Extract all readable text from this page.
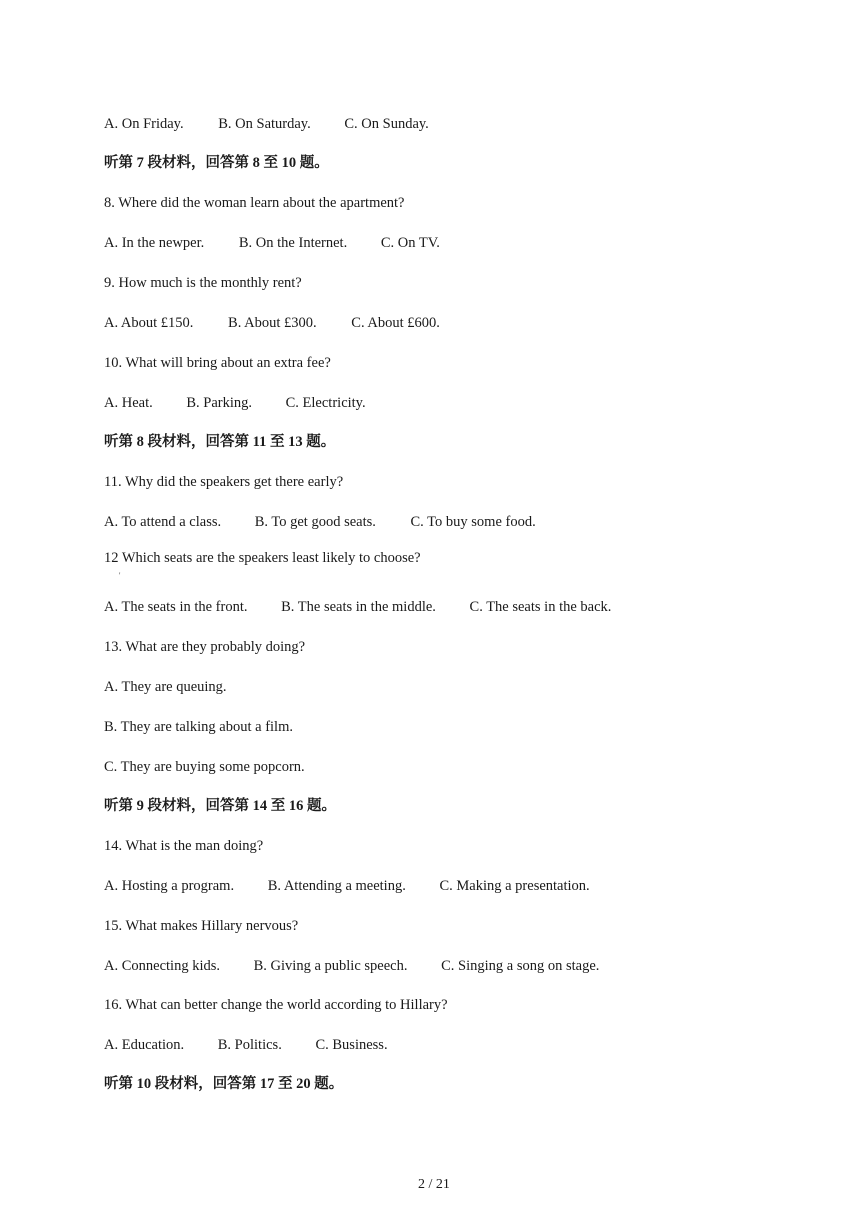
A. On Friday. B. On Saturday. C. On Sunday.
听第 7 段材料，回答第 8 至 10 题。
8. Where did the woman learn about the apartment?
A. In the newper. B. On the Internet. C. On TV.
9. How much is the monthly rent?
A. About £150. B. About £300. C. About £600.
10. What will bring about an extra fee?
A. Heat. B. Parking. C. Electricity.
听第 8 段材料，回答第 11 至 13 题。
11. Why did the speakers get there early?
A. To attend a class. B. To get good seats. C. To buy some food.
12 Which seats are the speakers least likely to choose?
'
A. The seats in the front. B. The seats in the middle. C. The seats in the back.
13. What are they probably doing?
A. They are queuing.
B. They are talking about a film.
C. They are buying some popcorn.
听第 9 段材料，回答第 14 至 16 题。
14. What is the man doing?
A. Hosting a program. B. Attending a meeting. C. Making a presentation.
15. What makes Hillary nervous?
A. Connecting kids. B. Giving a public speech. C. Singing a song on stage.
16. What can better change the world according to Hillary?
A. Education. B. Politics. C. Business.
听第 10 段材料，回答第 17 至 20 题。
2 / 21
